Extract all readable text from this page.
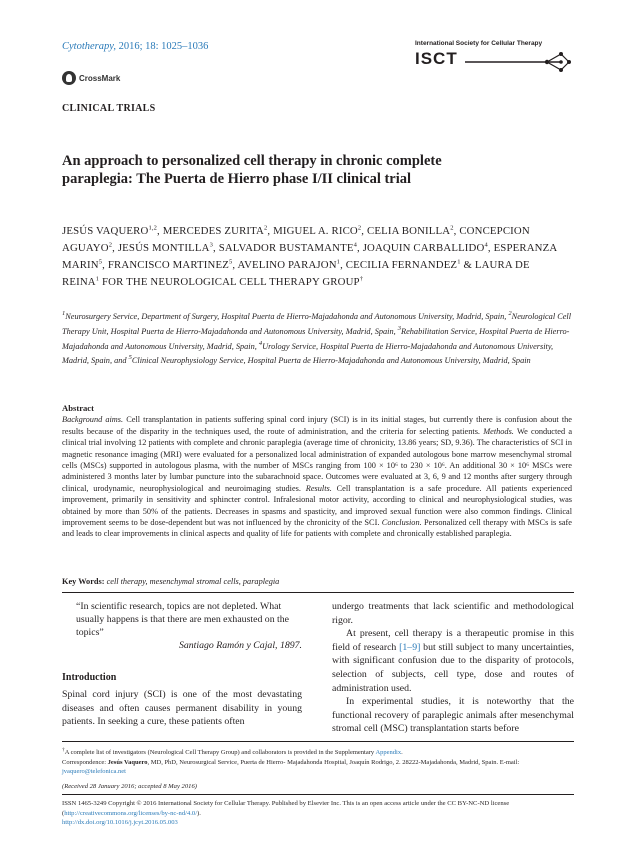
Cytotherapy, 2016; 18: 1025–1036
CrossMark
International Society for Cellular Therapy
ISCT
CLINICAL TRIALS
An approach to personalized cell therapy in chronic complete
paraplegia: The Puerta de Hierro phase I/II clinical trial
JESÚS VAQUERO$^{1,2}$, MERCEDES ZURITA$^2$, MIGUEL A. RICO$^2$, CELIA BONILLA$^2$, CONCEPCION AGUAYO$^2$, JESÚS MONTILLA$^3$, SALVADOR BUSTAMANTE$^4$, JOAQUIN CARBALLIDO$^4$, ESPERANZA MARIN$^5$, FRANCISCO MARTINEZ$^5$, AVELINO PARAJON$^1$, CECILIA FERNANDEZ$^1$ & LAURA DE REINA$^1$ FOR THE NEUROLOGICAL CELL THERAPY GROUP†
$^1$Neurosurgery Service, Department of Surgery, Hospital Puerta de Hierro-Majadahonda and Autonomous University, Madrid, Spain, $^2$Neurological Cell Therapy Unit, Hospital Puerta de Hierro-Majadahonda and Autonomous University, Madrid, Spain, $^3$Rehabilitation Service, Hospital Puerta de Hierro-Majadahonda and Autonomous University, Madrid, Spain, $^4$Urology Service, Hospital Puerta de Hierro-Majadahonda and Autonomous University, Madrid, Spain, and $^5$Clinical Neurophysiology Service, Hospital Puerta de Hierro-Majadahonda and Autonomous University, Madrid, Spain
Abstract
Background aims. Cell transplantation in patients suffering spinal cord injury (SCI) is in its initial stages, but currently there is confusion about the results because of the disparity in the techniques used, the route of administration, and the criteria for selecting patients. Methods. We conducted a clinical trial involving 12 patients with complete and chronic paraplegia (average time of chronicity, 13.86 years; SD, 9.36). The characteristics of SCI in magnetic resonance imaging (MRI) were evaluated for a personalized local administration of expanded autologous bone marrow mesenchymal stromal cells (MSCs) supported in autologous plasma, with the number of MSCs ranging from 100 × 10⁶ to 230 × 10⁶. An additional 30 × 10⁶ MSCs were administered 3 months later by lumbar puncture into the subarachnoid space. Outcomes were evaluated at 3, 6, 9 and 12 months after surgery through clinical, urodynamic, neurophysiological and neuroimaging studies. Results. Cell transplantation is a safe procedure. All patients experienced improvement, primarily in sensitivity and sphincter control. Infralesional motor activity, according to clinical and neurophysiological studies, was obtained by more than 50% of the patients. Decreases in spasms and spasticity, and improved sexual function were also common findings. Clinical improvement seems to be dose-dependent but was not influenced by the chronicity of the SCI. Conclusion. Personalized cell therapy with MSCs is safe and leads to clear improvements in clinical aspects and quality of life for patients with complete and chronically established paraplegia.
Key Words: cell therapy, mesenchymal stromal cells, paraplegia
“In scientific research, topics are not depleted. What usually happens is that there are men exhausted on the topics”
Santiago Ramón y Cajal, 1897.
Introduction
Spinal cord injury (SCI) is one of the most devastating diseases and often causes permanent disability in young patients. In seeking a cure, these patients often

undergo treatments that lack scientific and methodological rigor.

At present, cell therapy is a therapeutic promise in this field of research [1–9] but still subject to many uncertainties, with significant confusion due to the disparity of protocols, selection of subjects, cell type, dose and routes of administration used.

In experimental studies, it is noteworthy that the functional recovery of paraplegic animals after mesenchymal stromal cell (MSC) transplantation starts before

†A complete list of investigators (Neurological Cell Therapy Group) and collaborators is provided in the Supplementary Appendix.

Correspondence: Jesús Vaquero, MD, PhD, Neurosurgical Service, Puerta de Hierro- Majadahonda Hospital, Joaquín Rodrigo, 2. 28222-Majadahonda, Madrid, Spain. E-mail: jvaquero@telefonica.net

(Received 28 January 2016; accepted 8 May 2016)
ISSN 1465-3249 Copyright © 2016 International Society for Cellular Therapy. Published by Elsevier Inc. This is an open access article under the CC BY-NC-ND license (http://creativecommons.org/licenses/by-nc-nd/4.0/).
http://dx.doi.org/10.1016/j.jcyt.2016.05.003
